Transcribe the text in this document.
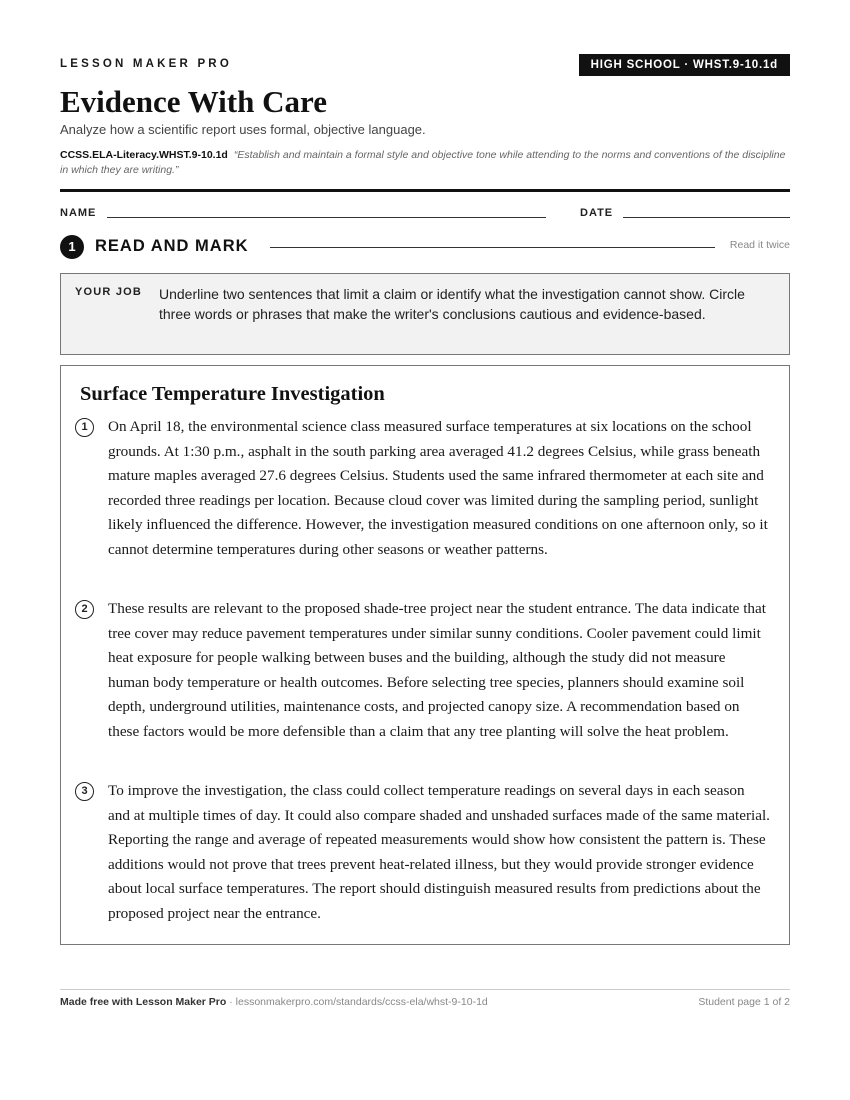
LESSON MAKER PRO	HIGH SCHOOL · WHST.9-10.1d
Evidence With Care
Analyze how a scientific report uses formal, objective language.
CCSS.ELA-Literacy.WHST.9-10.1d “Establish and maintain a formal style and objective tone while attending to the norms and conventions of the discipline in which they are writing.”
NAME	DATE
1	READ AND MARK	Read it twice
YOUR JOB Underline two sentences that limit a claim or identify what the investigation cannot show. Circle three words or phrases that make the writer's conclusions cautious and evidence-based.
Surface Temperature Investigation
1	On April 18, the environmental science class measured surface temperatures at six locations on the school grounds. At 1:30 p.m., asphalt in the south parking area averaged 41.2 degrees Celsius, while grass beneath mature maples averaged 27.6 degrees Celsius. Students used the same infrared thermometer at each site and recorded three readings per location. Because cloud cover was limited during the sampling period, sunlight likely influenced the difference. However, the investigation measured conditions on one afternoon only, so it cannot determine temperatures during other seasons or weather patterns.

2	These results are relevant to the proposed shade-tree project near the student entrance. The data indicate that tree cover may reduce pavement temperatures under similar sunny conditions. Cooler pavement could limit heat exposure for people walking between buses and the building, although the study did not measure human body temperature or health outcomes. Before selecting tree species, planners should examine soil depth, underground utilities, maintenance costs, and projected canopy size. A recommendation based on these factors would be more defensible than a claim that any tree planting will solve the heat problem.

3	To improve the investigation, the class could collect temperature readings on several days in each season and at multiple times of day. It could also compare shaded and unshaded surfaces made of the same material. Reporting the range and average of repeated measurements would show how consistent the pattern is. These additions would not prove that trees prevent heat-related illness, but they would provide stronger evidence about local surface temperatures. The report should distinguish measured results from predictions about the proposed project near the entrance.

Made free with Lesson Maker Pro · lessonmakerpro.com/standards/ccss-ela/whst-9-10-1d	Student page 1 of 2
